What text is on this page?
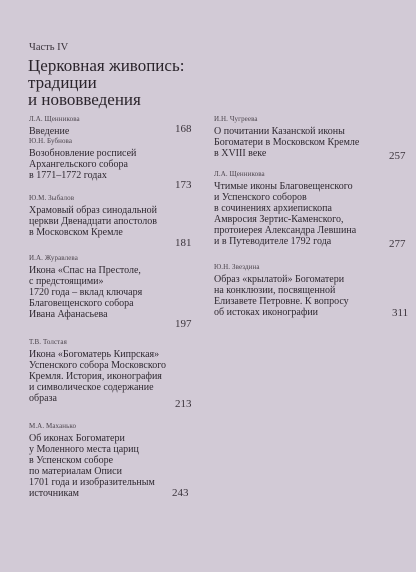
Часть IV
Церковная живопись:
традиции
и нововведения
Л.А. Щенникова
Введение	168
Ю.Н. Бубнова
Возобновление росписей
Архангельского собора
в 1771–1772 годах
173
Ю.М. Зыбалов
Храмовый образ синодальной
церкви Двенадцати апостолов
в Московском Кремле
181
И.А. Журавлева
Икона «Спас на Престоле,
с предстоящими»
1720 года – вклад ключаря
Благовещенского собора
Ивана Афанасьева
197
Т.В. Толстая
Икона «Богоматерь Кипрская»
Успенского собора Московского
Кремля. История, иконография
и символическое содержание
образа	213
М.А. Маханько
Об иконах Богоматери
у Моленного места цариц
в Успенском соборе
по материалам Описи
1701 года и изобразительным
источникам	243
И.Н. Чугреева
О почитании Казанской иконы
Богоматери в Московском Кремле
в XVIII веке	257
Л.А. Щенникова
Чтимые иконы Благовещенского
и Успенского соборов
в сочинениях архиепископа
Амвросия Зертис-Каменского,
протоиерея Александра Левшина
и в Путеводителе 1792 года	277
Ю.Н. Звездина
Образ «крылатой» Богоматери
на конклюзии, посвященной
Елизавете Петровне. К вопросу
об истоках иконографии	311
